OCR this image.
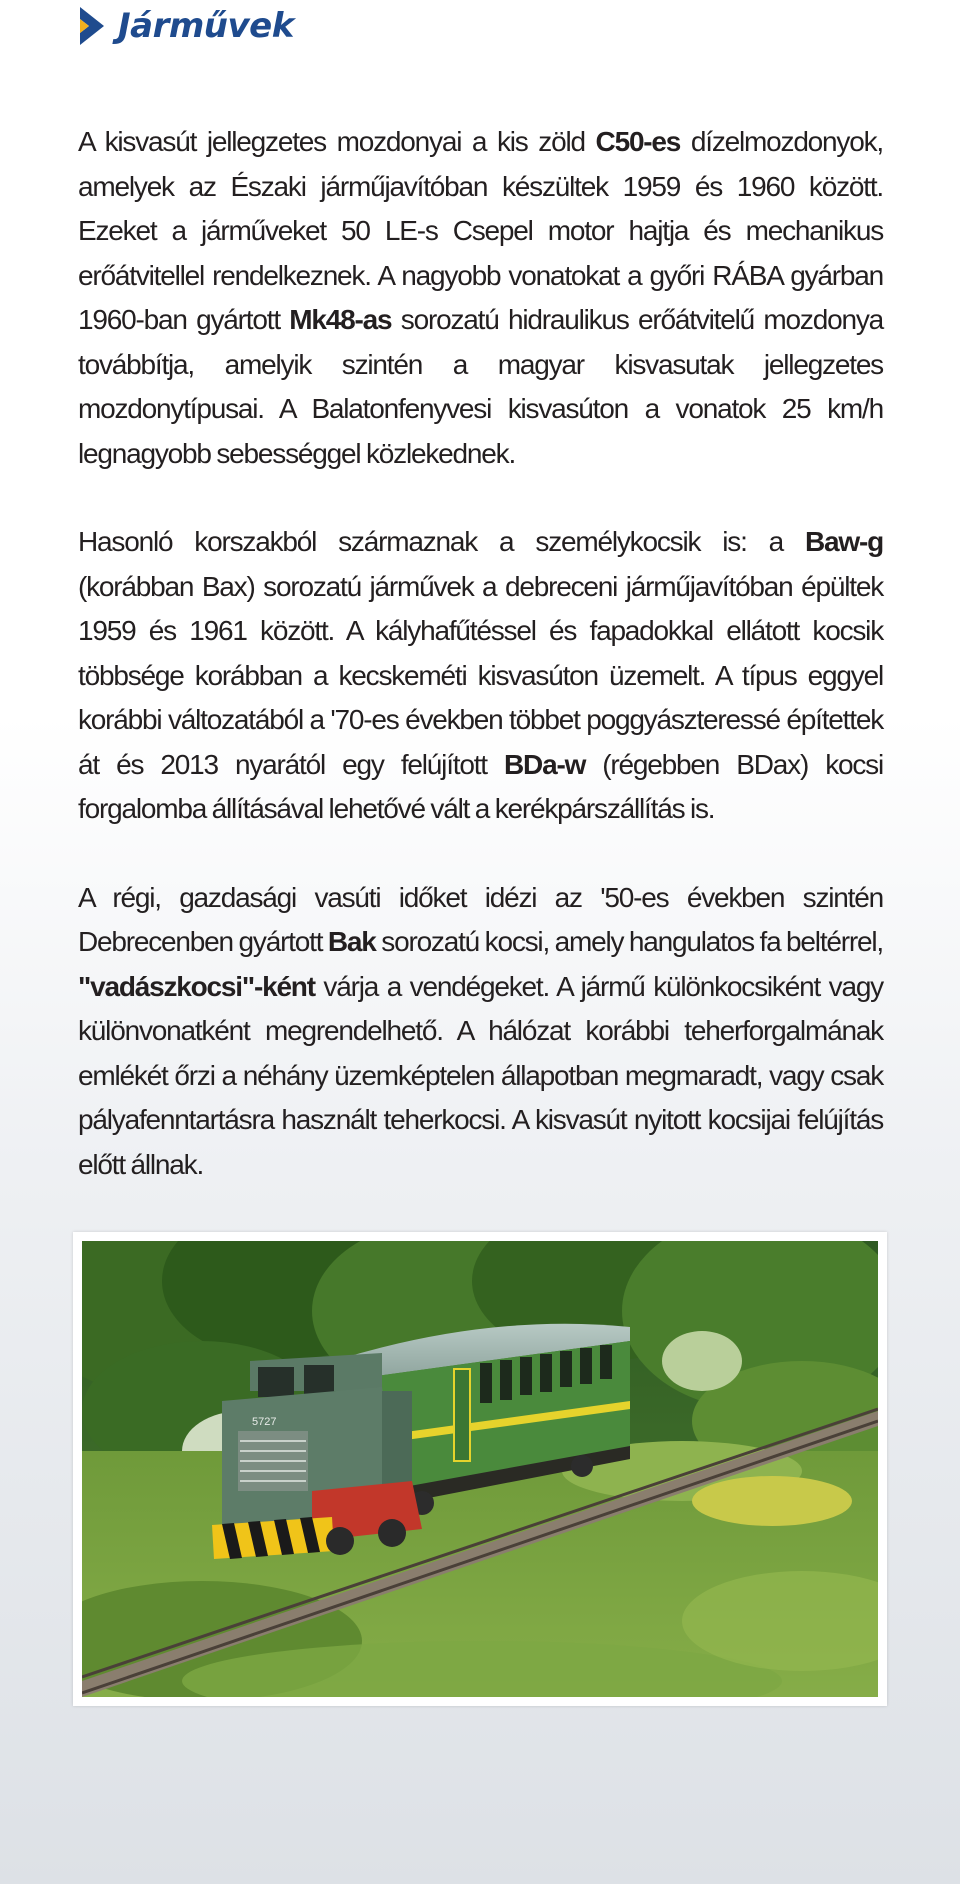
Járművek

A kisvasút jellegzetes mozdonyai a kis zöld C50-es dízelmozdonyok, amelyek az Északi járműjavítóban készültek 1959 és 1960 között. Ezeket a járműveket 50 LE-s Csepel motor hajtja és mechanikus erőátvitellel rendelkeznek. A nagyobb vonatokat a győri RÁBA gyárban 1960-ban gyártott Mk48-as sorozatú hidraulikus erőátvitelű mozdonya továbbítja, amelyik szintén a magyar kisvasutak jellegzetes mozdonytípusai. A Balatonfenyvesi kisvasúton a vonatok 25 km/h legnagyobb sebességgel közlekednek.

Hasonló korszakból származnak a személykocsik is: a Baw-g (korábban Bax) sorozatú járművek a debreceni járműjavítóban épültek 1959 és 1961 között. A kályhafűtéssel és fapadokkal ellátott kocsik többsége korábban a kecskeméti kisvasúton üzemelt. A típus eggyel korábbi változatából a '70-es években többet poggyászteressé építettek át és 2013 nyarától egy felújított BDa-w (régebben BDax) kocsi forgalomba állításával lehetővé vált a kerékpárszállítás is.

A régi, gazdasági vasúti időket idézi az '50-es években szintén Debrecenben gyártott Bak sorozatú kocsi, amely hangulatos fa beltérrel, "vadászkocsi"-ként várja a vendégeket. A jármű különkocsiként vagy különvonatként megrendelhető. A hálózat korábbi teherforgalmának emlékét őrzi a néhány üzemképtelen állapotban megmaradt, vagy csak pályafenntartásra használt teherkocsi. A kisvasút nyitott kocsijai felújítás előtt állnak.

5727
